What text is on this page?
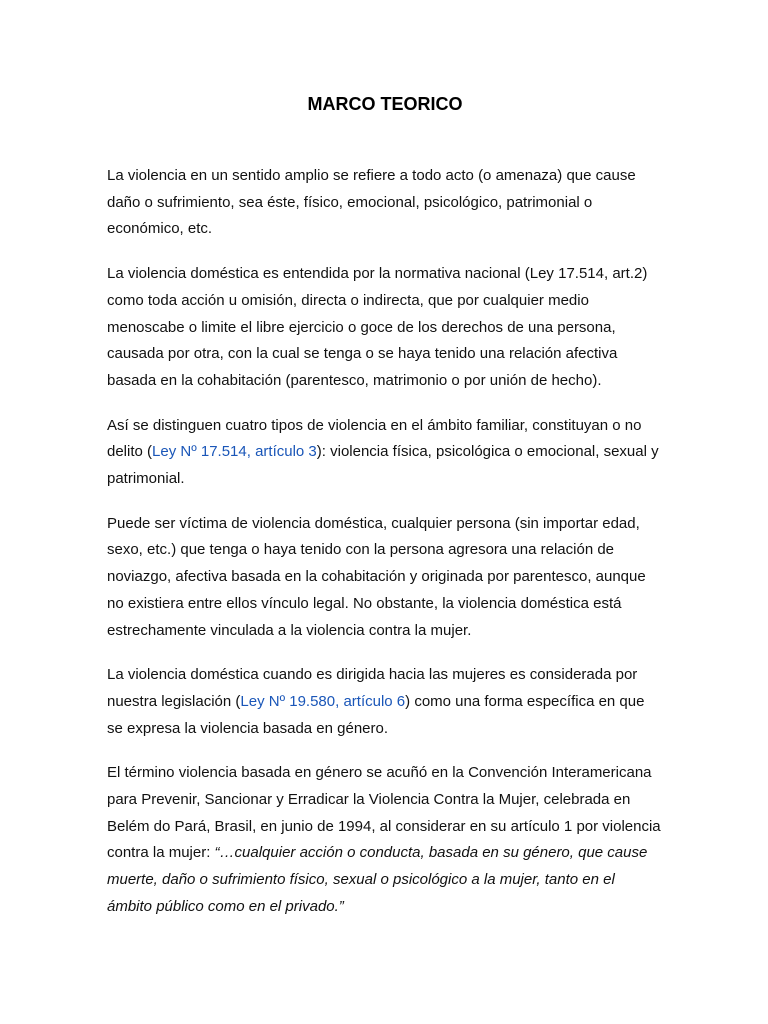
MARCO TEORICO

La violencia en un sentido amplio se refiere a todo acto (o amenaza) que cause daño o sufrimiento, sea éste, físico, emocional, psicológico, patrimonial o económico, etc.

La violencia doméstica es entendida por la normativa nacional (Ley 17.514, art.2) como toda acción u omisión, directa o indirecta, que por cualquier medio menoscabe o limite el libre ejercicio o goce de los derechos de una persona, causada por otra, con la cual se tenga o se haya tenido una relación afectiva basada en la cohabitación (parentesco, matrimonio o por unión de hecho).

Así se distinguen cuatro tipos de violencia en el ámbito familiar, constituyan o no delito (Ley Nº 17.514, artículo 3): violencia física, psicológica o emocional, sexual y patrimonial.

Puede ser víctima de violencia doméstica, cualquier persona (sin importar edad, sexo, etc.) que tenga o haya tenido con la persona agresora una relación de noviazgo, afectiva basada en la cohabitación y originada por parentesco, aunque no existiera entre ellos vínculo legal. No obstante, la violencia doméstica está estrechamente vinculada a la violencia contra la mujer.

La violencia doméstica cuando es dirigida hacia las mujeres es considerada por nuestra legislación (Ley Nº 19.580, artículo 6) como una forma específica en que se expresa la violencia basada en género.

El término violencia basada en género se acuñó en la Convención Interamericana para Prevenir, Sancionar y Erradicar la Violencia Contra la Mujer, celebrada en Belém do Pará, Brasil, en junio de 1994, al considerar en su artículo 1 por violencia contra la mujer: “…cualquier acción o conducta, basada en su género, que cause muerte, daño o sufrimiento físico, sexual o psicológico a la mujer, tanto en el ámbito público como en el privado.”
